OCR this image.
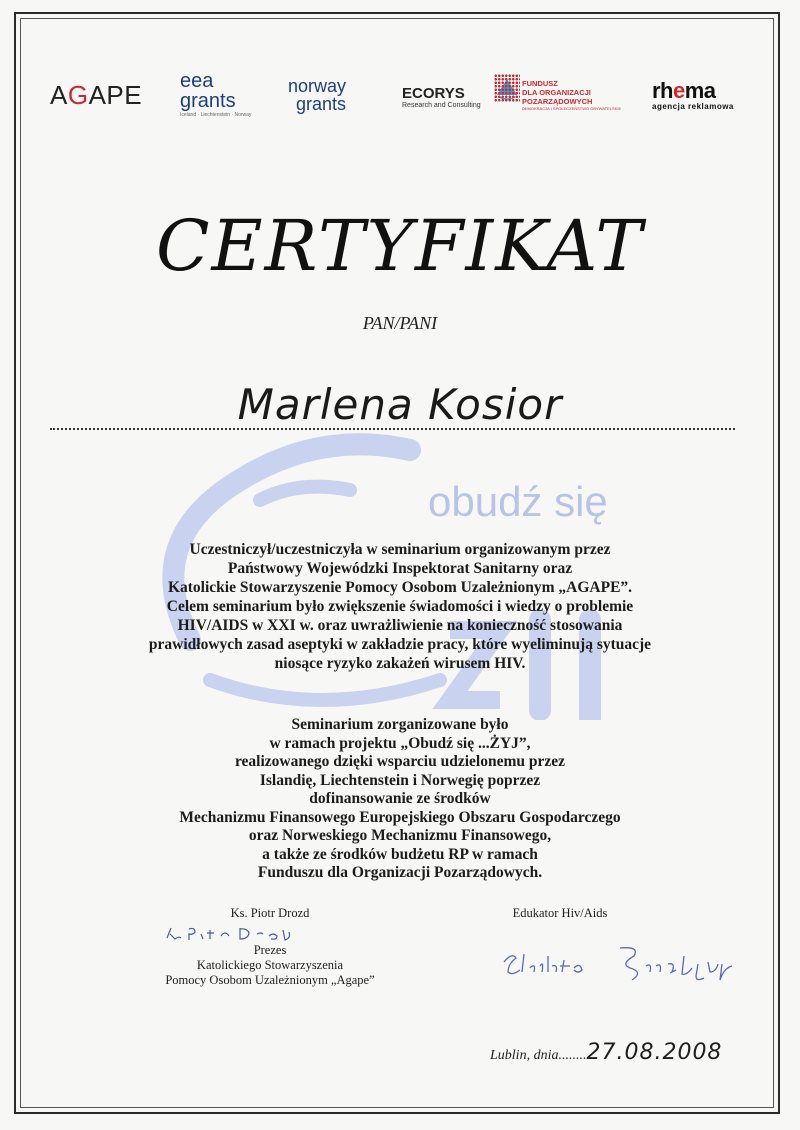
AGAPE eea
grants
Iceland · Liechtenstein · Norway
norway
grants
ECORYS
Research and Consulting
FUNDUSZ
DLA ORGANIZACJI
POZARZĄDOWYCH
DEMOKRACJA I SPOŁECZEŃSTWO OBYWATELSKIE
rhema
agencja reklamowa
obudź się
CERTYFIKAT
PAN/PANI
Marlena Kosior
Uczestniczył/uczestniczyła w seminarium organizowanym przez
Państwowy Wojewódzki Inspektorat Sanitarny oraz
Katolickie Stowarzyszenie Pomocy Osobom Uzależnionym „AGAPE”.
Celem seminarium było zwiększenie świadomości i wiedzy o problemie
HIV/AIDS w XXI w. oraz uwrażliwienie na konieczność stosowania
prawidłowych zasad aseptyki w zakładzie pracy, które wyeliminują sytuacje
niosące ryzyko zakażeń wirusem HIV.
Seminarium zorganizowane było
w ramach projektu „Obudź się ...ŻYJ”,
realizowanego dzięki wsparciu udzielonemu przez
Islandię, Liechtenstein i Norwegię poprzez
dofinansowanie ze środków
Mechanizmu Finansowego Europejskiego Obszaru Gospodarczego
oraz Norweskiego Mechanizmu Finansowego,
a także ze środków budżetu RP w ramach
Funduszu dla Organizacji Pozarządowych.
Ks. Piotr Drozd
Prezes
Katolickiego Stowarzyszenia
Pomocy Osobom Uzależnionym „Agape”
Edukator Hiv/Aids
Lublin, dnia........27.08.2008
